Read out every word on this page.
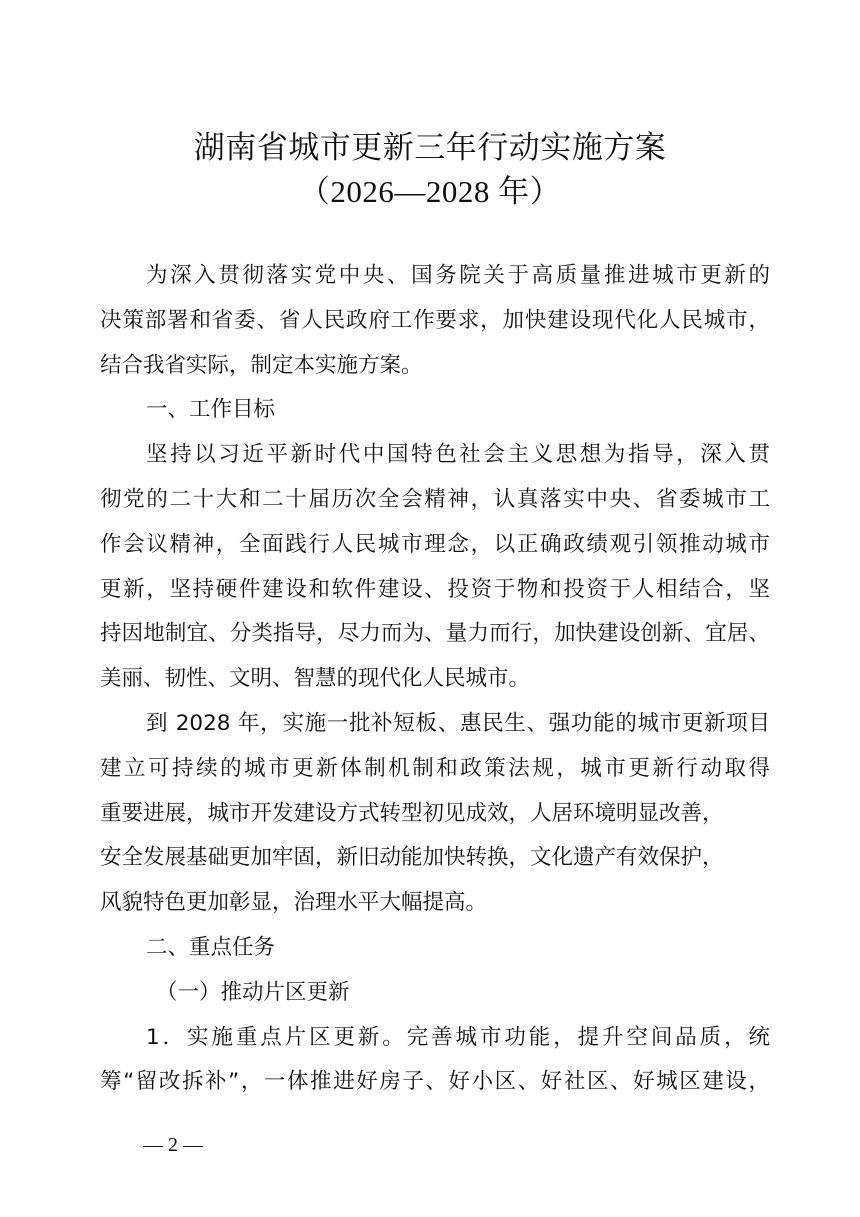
湖南省城市更新三年行动实施方案
（2026—2028 年）
为深入贯彻落实党中央、国务院关于高质量推进城市更新的
决策部署和省委、省人民政府工作要求，加快建设现代化人民城市，
结合我省实际，制定本实施方案。
一、工作目标
坚持以习近平新时代中国特色社会主义思想为指导，深入贯
彻党的二十大和二十届历次全会精神，认真落实中央、省委城市工
作会议精神，全面践行人民城市理念，以正确政绩观引领推动城市
更新，坚持硬件建设和软件建设、投资于物和投资于人相结合，坚
持因地制宜、分类指导，尽力而为、量力而行，加快建设创新、宜居、
美丽、韧性、文明、智慧的现代化人民城市。
到 2028 年，实施一批补短板、惠民生、强功能的城市更新项目
建立可持续的城市更新体制机制和政策法规，城市更新行动取得
重要进展，城市开发建设方式转型初见成效，人居环境明显改善，
安全发展基础更加牢固，新旧动能加快转换，文化遗产有效保护，
风貌特色更加彰显，治理水平大幅提高。
二、重点任务
（一）推动片区更新
1．实施重点片区更新。完善城市功能，提升空间品质，统
筹“留改拆补”，一体推进好房子、好小区、好社区、好城区建设，
— 2 —
